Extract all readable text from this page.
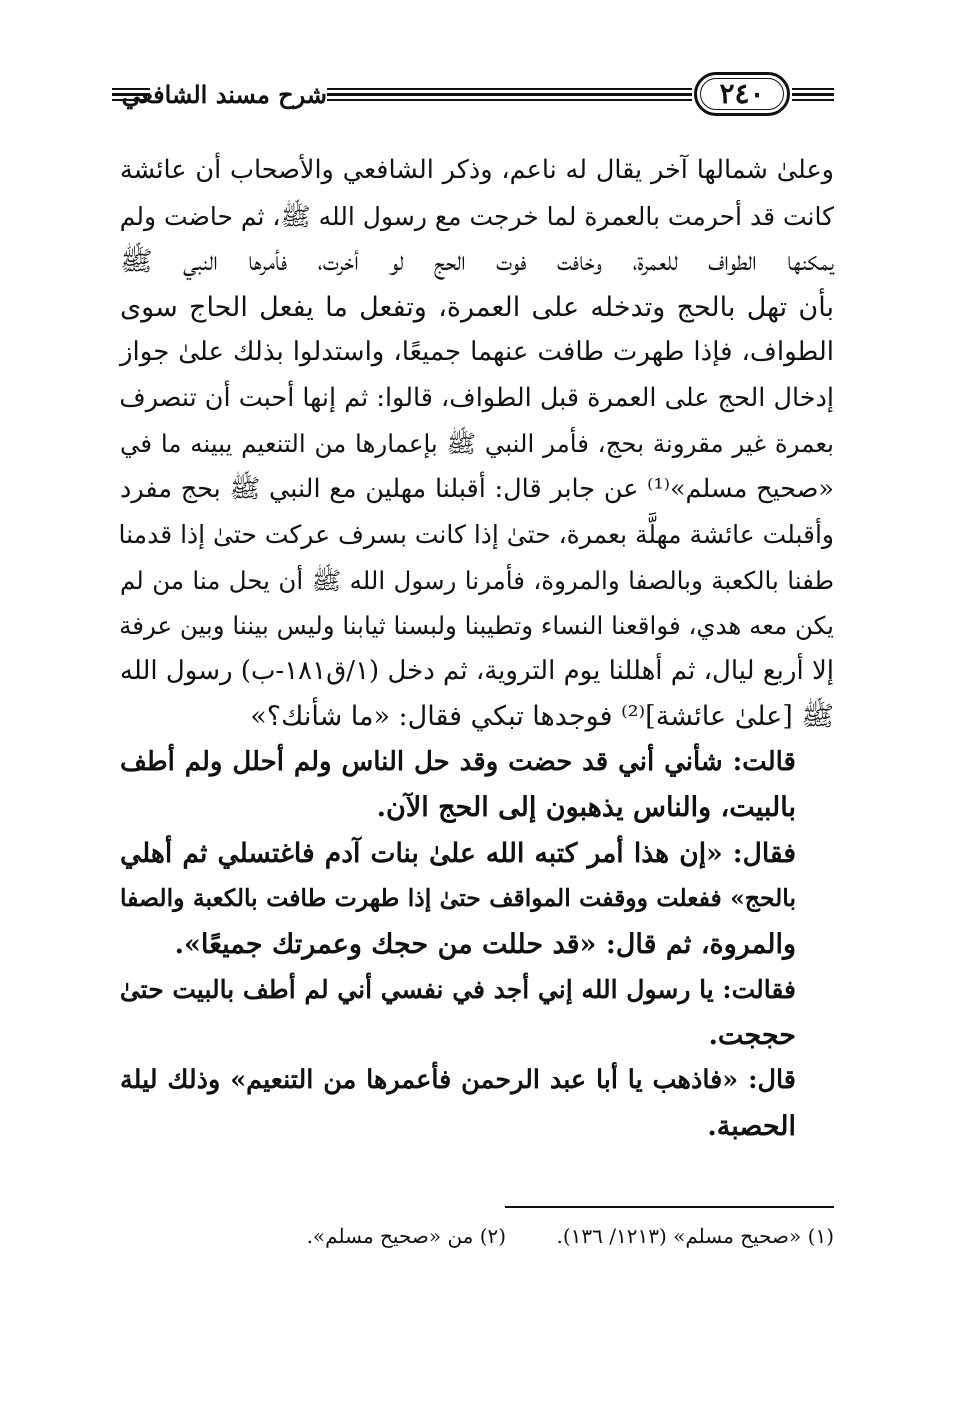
شرح مسند الشافعي	٢٤٠

وعلىٰ شمالها آخر يقال له ناعم، وذكر الشافعي والأصحاب أن عائشة
كانت قد أحرمت بالعمرة لما خرجت مع رسول الله ﷺ، ثم حاضت ولم
يمكنها الطواف للعمرة، وخافت فوت الحج لو أخرت، فأمرها النبي ﷺ
بأن تهل بالحج وتدخله على العمرة، وتفعل ما يفعل الحاج سوى
الطواف، فإذا طهرت طافت عنهما جميعًا، واستدلوا بذلك علىٰ جواز
إدخال الحج على العمرة قبل الطواف، قالوا: ثم إنها أحبت أن تنصرف
بعمرة غير مقرونة بحج، فأمر النبي ﷺ بإعمارها من التنعيم يبينه ما في
«صحيح مسلم»⁽¹⁾ عن جابر قال: أقبلنا مهلين مع النبي ﷺ بحج مفرد
وأقبلت عائشة مهلَّة بعمرة، حتىٰ إذا كانت بسرف عركت حتىٰ إذا قدمنا
طفنا بالكعبة وبالصفا والمروة، فأمرنا رسول الله ﷺ أن يحل منا من لم
يكن معه هدي، فواقعنا النساء وتطيبنا ولبسنا ثيابنا وليس بيننا وبين عرفة
إلا أربع ليال، ثم أهللنا يوم التروية، ثم دخل (١/ق١٨١-ب) رسول الله
ﷺ [علىٰ عائشة]⁽²⁾ فوجدها تبكي فقال: «ما شأنك؟»

قالت: شأني أني قد حضت وقد حل الناس ولم أحلل ولم أطف
بالبيت، والناس يذهبون إلى الحج الآن.

فقال: «إن هذا أمر كتبه الله علىٰ بنات آدم فاغتسلي ثم أهلي
بالحج» ففعلت ووقفت المواقف حتىٰ إذا طهرت طافت بالكعبة والصفا
والمروة، ثم قال: «قد حللت من حجك وعمرتك جميعًا».

فقالت: يا رسول الله إني أجد في نفسي أني لم أطف بالبيت حتىٰ
حججت.

قال: «فاذهب يا أبا عبد الرحمن فأعمرها من التنعيم» وذلك ليلة
الحصبة.

(١) «صحيح مسلم» (١٢١٣/ ١٣٦). (٢) من «صحيح مسلم».
